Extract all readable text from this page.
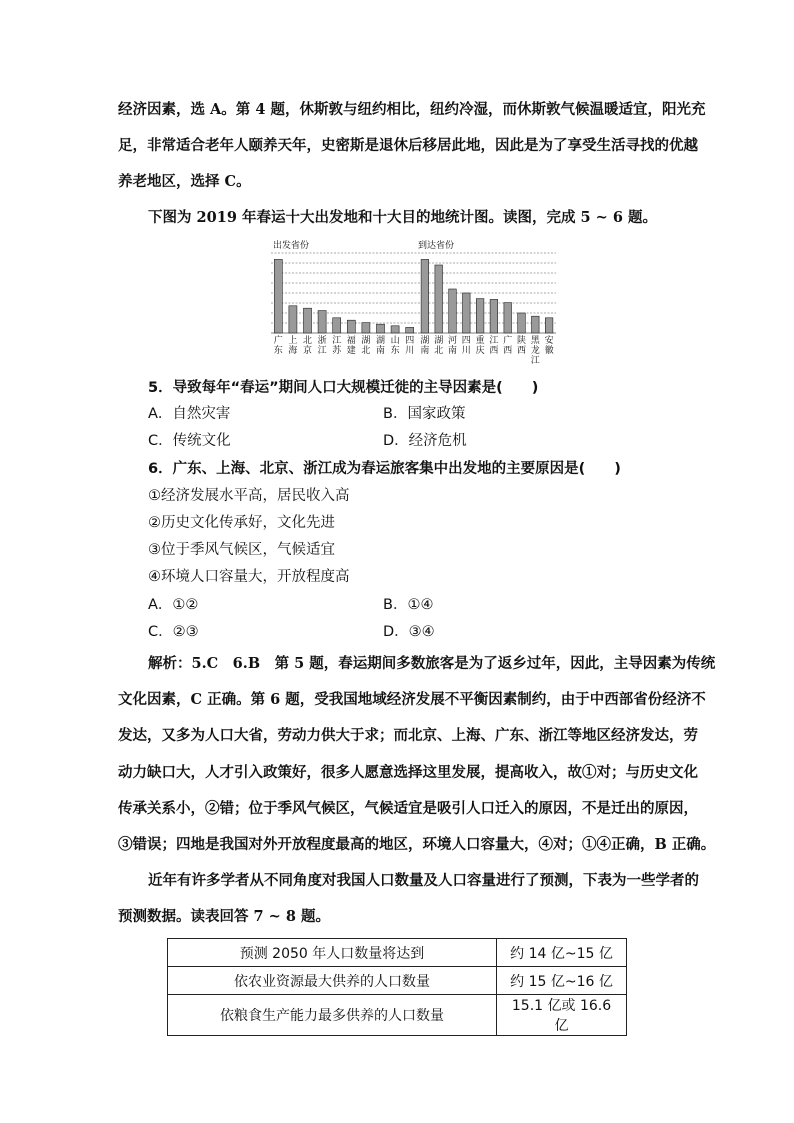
经济因素，选 A。第 4 题，休斯敦与纽约相比，纽约冷湿，而休斯敦气候温暖适宜，阳光充
足，非常适合老年人颐养天年，史密斯是退休后移居此地，因此是为了享受生活寻找的优越
养老地区，选择 C。
下图为 2019 年春运十大出发地和十大目的地统计图。读图，完成 5 ~ 6 题。
出发省份
广
东
上
海
北
京
浙
江
江
苏
福
建
湖
北
湖
南
山
东
四
川
到达省份
湖
南
湖
北
河
南
四
川
重
庆
江
西
广
西
陕
西
黑
龙
江
安
徽
5．导致每年“春运”期间人口大规模迁徙的主导因素是(　　)
A．自然灾害	B．国家政策
C．传统文化	D．经济危机
6．广东、上海、北京、浙江成为春运旅客集中出发地的主要原因是(　　)
①经济发展水平高，居民收入高
②历史文化传承好，文化先进
③位于季风气候区，气候适宜
④环境人口容量大，开放程度高
A．①②	B．①④
C．②③	D．③④
解析：5.C　6.B　第 5 题，春运期间多数旅客是为了返乡过年，因此，主导因素为传统
文化因素，C 正确。第 6 题，受我国地域经济发展不平衡因素制约，由于中西部省份经济不
发达，又多为人口大省，劳动力供大于求；而北京、上海、广东、浙江等地区经济发达，劳
动力缺口大，人才引入政策好，很多人愿意选择这里发展，提高收入，故①对；与历史文化
传承关系小，②错；位于季风气候区，气候适宜是吸引人口迁入的原因，不是迁出的原因，
③错误；四地是我国对外开放程度最高的地区，环境人口容量大，④对；①④正确，B 正确。
近年有许多学者从不同角度对我国人口数量及人口容量进行了预测，下表为一些学者的
预测数据。读表回答 7 ~ 8 题。
预测 2050 年人口数量将达到	约 14 亿~15 亿
依农业资源最大供养的人口数量	约 15 亿~16 亿
依粮食生产能力最多供养的人口数量	15.1 亿或 16.6 亿
